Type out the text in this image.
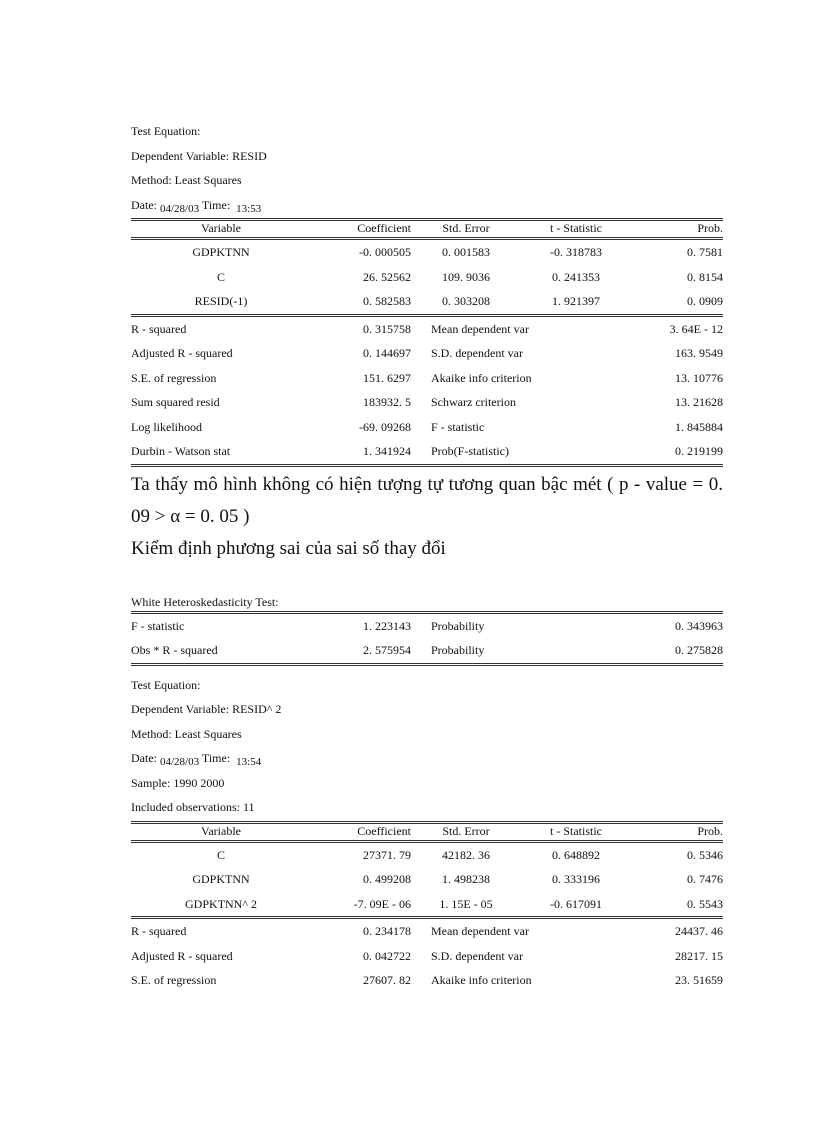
Test Equation:
Dependent Variable: RESID
Method: Least Squares
Date: 04/28/03 Time: 13:53
Variable	Coefficient	Std. Error	t - Statistic	Prob.
GDPKTNN	-0. 000505	0. 001583	-0. 318783	0. 7581
C	26. 52562	109. 9036	0. 241353	0. 8154
RESID(-1)	0. 582583	0. 303208	1. 921397	0. 0909
R - squared	0. 315758		Mean dependent var	3. 64E - 12
Adjusted R - squared	0. 144697		S.D. dependent var	163. 9549
S.E. of regression	151. 6297		Akaike info criterion	13. 10776
Sum squared resid	183932. 5		Schwarz criterion	13. 21628
Log likelihood	-69. 09268		F - statistic	1. 845884
Durbin - Watson stat	1. 341924		Prob(F-statistic)	0. 219199

Ta thấy mô hình không có hiện tượng tự tương quan bậc mét ( p - value = 0. 09 > α = 0. 05 )

Kiểm định phương sai của sai số thay đổi

White Heteroskedasticity Test:
F - statistic	1. 223143		Probability	0. 343963
Obs * R - squared	2. 575954		Probability	0. 275828
Test Equation:
Dependent Variable: RESID^ 2
Method: Least Squares
Date: 04/28/03 Time: 13:54
Sample: 1990 2000
Included observations: 11
Variable	Coefficient	Std. Error	t - Statistic	Prob.
C	27371. 79	42182. 36	0. 648892	0. 5346
GDPKTNN	0. 499208	1. 498238	0. 333196	0. 7476
GDPKTNN^ 2	-7. 09E - 06	1. 15E - 05	-0. 617091	0. 5543
R - squared	0. 234178		Mean dependent var	24437. 46
Adjusted R - squared	0. 042722		S.D. dependent var	28217. 15
S.E. of regression	27607. 82		Akaike info criterion	23. 51659
